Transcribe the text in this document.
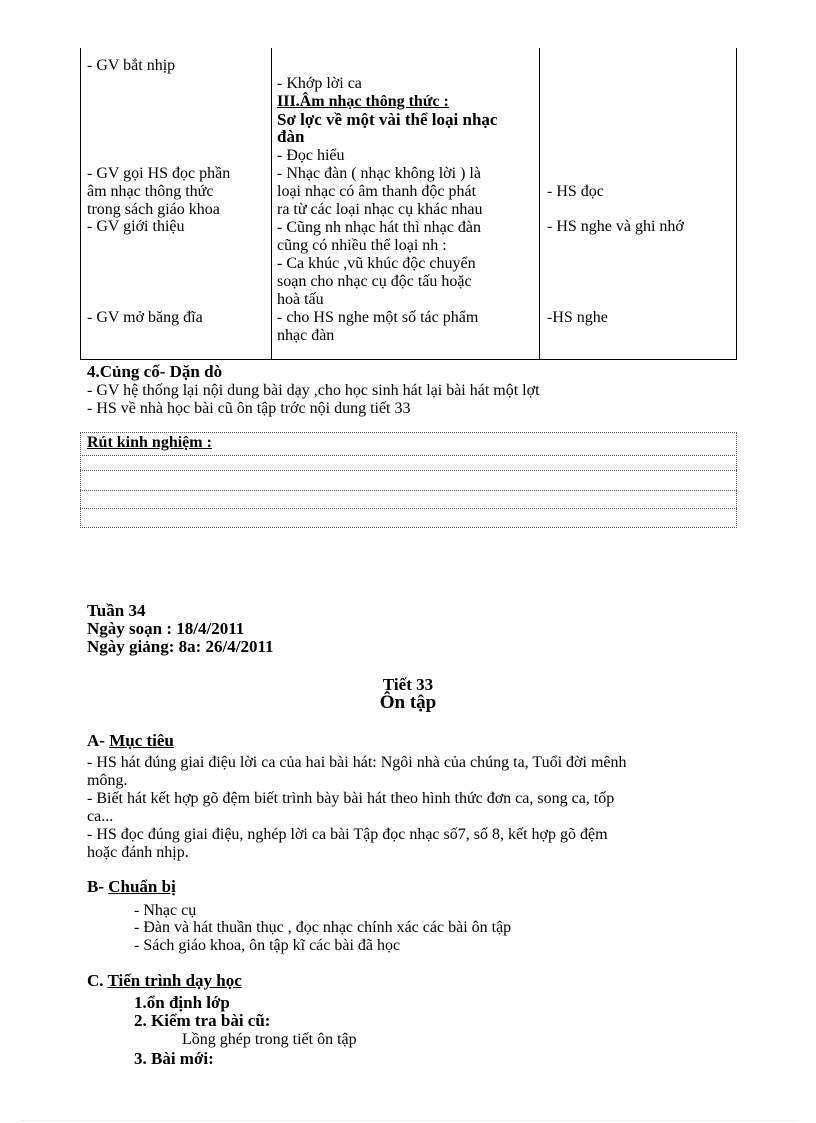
- GV bắt nhịp
- GV gọi HS đọc phần
âm nhạc thông thức
trong sách giáo khoa
- GV giới thiệu
- GV mở băng đĩa
- Khớp lời ca
III.Âm nhạc thông thức :
Sơ lợc về một vài thể loại nhạc
đàn
- Đọc hiểu
- Nhạc đàn ( nhạc không lời ) là
loại nhạc có âm thanh độc phát
ra từ các loại nhạc cụ khác nhau
- Cũng nh nhạc hát thì nhạc đàn
cũng có nhiều thể loại nh :
- Ca khúc ,vũ khúc độc chuyển
soạn cho nhạc cụ độc tấu hoặc
hoà tấu
- cho HS nghe một số tác phẩm
nhạc đàn
- HS đọc
- HS nghe và ghi nhớ
-HS nghe
4.Củng cố- Dặn dò
- GV hệ thống lại nội dung bài dạy ,cho học sinh hát lại bài hát một lợt
- HS về nhà học bài cũ ôn tập trớc nội dung tiết 33
Rút kinh nghiệm :
Tuần 34
Ngày soạn : 18/4/2011
Ngày giảng: 8a: 26/4/2011
Tiết 33
Ôn tập
A- Mục tiêu
- HS hát đúng giai điệu lời ca của hai bài hát: Ngôi nhà của chúng ta, Tuổi đời mênh
mông.
- Biết hát kết hợp gõ đệm biết trình bày bài hát theo hình thức đơn ca, song ca, tốp
ca...
- HS đọc đúng giai điệu, nghép lời ca bài Tập đọc nhạc số7, số 8, kết hợp gõ đệm
hoặc đánh nhịp.
B- Chuẩn bị
- Nhạc cụ
- Đàn và hát thuần thục , đọc nhạc chính xác các bài ôn tập
- Sách giáo khoa, ôn tập kĩ các bài đã học
C. Tiến trình dạy học
1.ổn định lớp
2. Kiểm tra bài cũ:
Lồng ghép trong tiết ôn tập
3. Bài mới:
